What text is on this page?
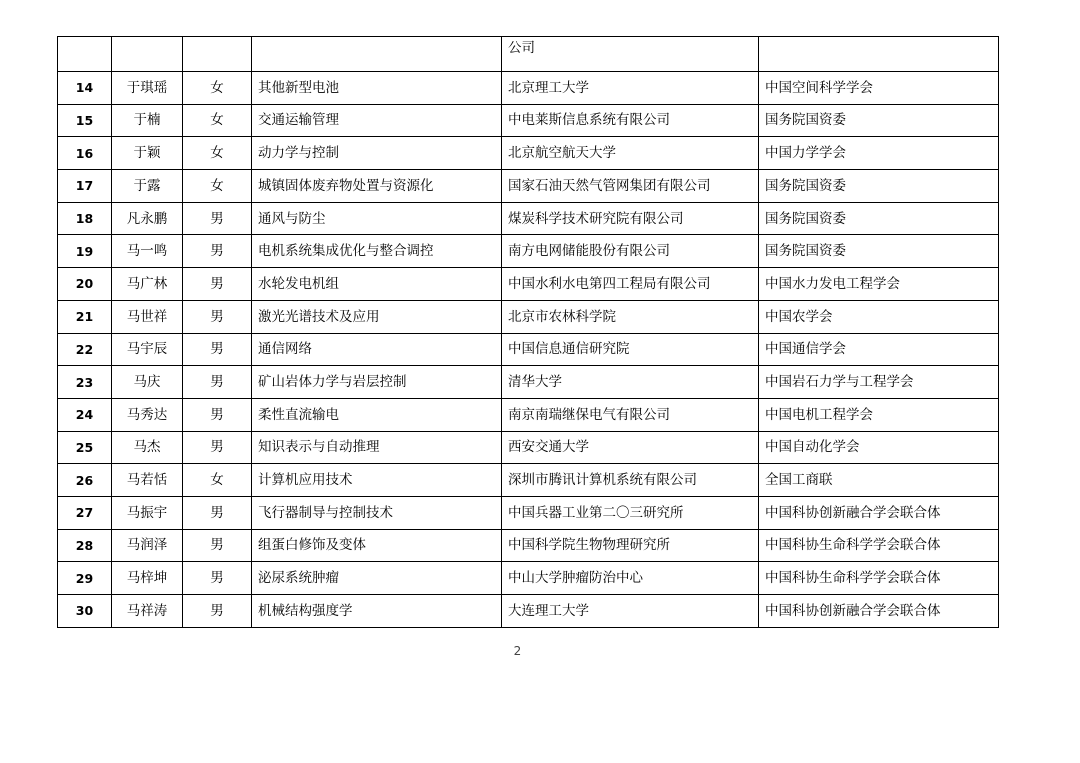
				公司	
14	于琪瑶	女	其他新型电池	北京理工大学	中国空间科学学会
15	于楠	女	交通运输管理	中电莱斯信息系统有限公司	国务院国资委
16	于颖	女	动力学与控制	北京航空航天大学	中国力学学会
17	于露	女	城镇固体废弃物处置与资源化	国家石油天然气管网集团有限公司	国务院国资委
18	凡永鹏	男	通风与防尘	煤炭科学技术研究院有限公司	国务院国资委
19	马一鸣	男	电机系统集成优化与整合调控	南方电网储能股份有限公司	国务院国资委
20	马广林	男	水轮发电机组	中国水利水电第四工程局有限公司	中国水力发电工程学会
21	马世祥	男	激光光谱技术及应用	北京市农林科学院	中国农学会
22	马宇辰	男	通信网络	中国信息通信研究院	中国通信学会
23	马庆	男	矿山岩体力学与岩层控制	清华大学	中国岩石力学与工程学会
24	马秀达	男	柔性直流输电	南京南瑞继保电气有限公司	中国电机工程学会
25	马杰	男	知识表示与自动推理	西安交通大学	中国自动化学会
26	马若恬	女	计算机应用技术	深圳市腾讯计算机系统有限公司	全国工商联
27	马振宇	男	飞行器制导与控制技术	中国兵器工业第二〇三研究所	中国科协创新融合学会联合体
28	马润泽	男	组蛋白修饰及变体	中国科学院生物物理研究所	中国科协生命科学学会联合体
29	马梓坤	男	泌尿系统肿瘤	中山大学肿瘤防治中心	中国科协生命科学学会联合体
30	马祥涛	男	机械结构强度学	大连理工大学	中国科协创新融合学会联合体
2
